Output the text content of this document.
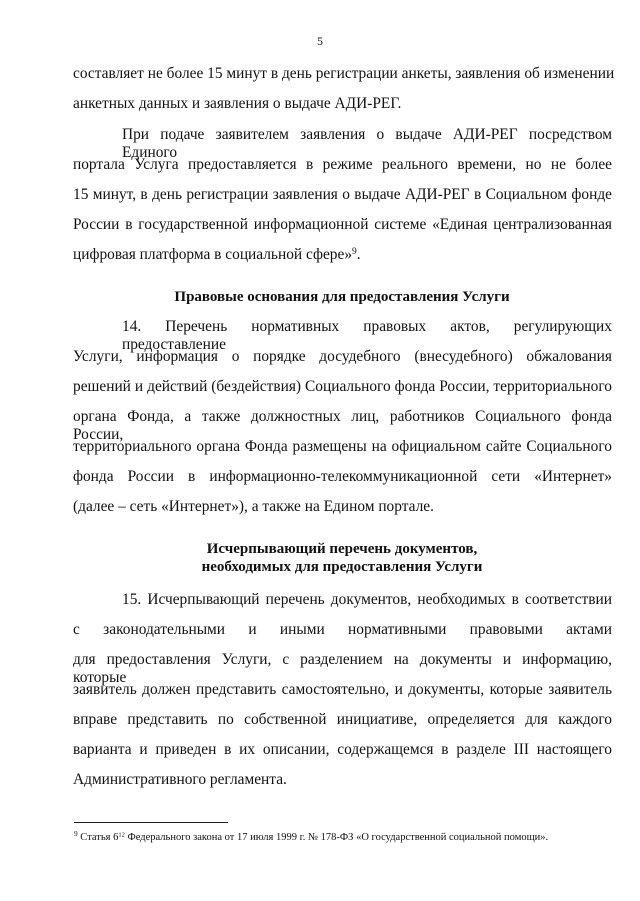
5
составляет не более 15 минут в день регистрации анкеты, заявления об изменении
анкетных данных и заявления о выдаче АДИ-РЕГ.
При подаче заявителем заявления о выдаче АДИ-РЕГ посредством Единого
портала Услуга предоставляется в режиме реального времени, но не более
15 минут, в день регистрации заявления о выдаче АДИ-РЕГ в Социальном фонде
России в государственной информационной системе «Единая централизованная
цифровая платформа в социальной сфере»$^9$.
Правовые основания для предоставления Услуги
14. Перечень нормативных правовых актов, регулирующих предоставление
Услуги, информация о порядке досудебного (внесудебного) обжалования
решений и действий (бездействия) Социального фонда России, территориального
органа Фонда, а также должностных лиц, работников Социального фонда России,
территориального органа Фонда размещены на официальном сайте Социального
фонда России в информационно-телекоммуникационной сети «Интернет»
(далее – сеть «Интернет»), а также на Едином портале.
Исчерпывающий перечень документов,
необходимых для предоставления Услуги
15. Исчерпывающий перечень документов, необходимых в соответствии
с законодательными и иными нормативными правовыми актами
для предоставления Услуги, с разделением на документы и информацию, которые
заявитель должен представить самостоятельно, и документы, которые заявитель
вправе представить по собственной инициативе, определяется для каждого
варианта и приведен в их описании, содержащемся в разделе III настоящего
Административного регламента.
$^9$ Статья $6^{12}$ Федерального закона от 17 июля 1999 г. № 178-ФЗ «О государственной социальной помощи».
